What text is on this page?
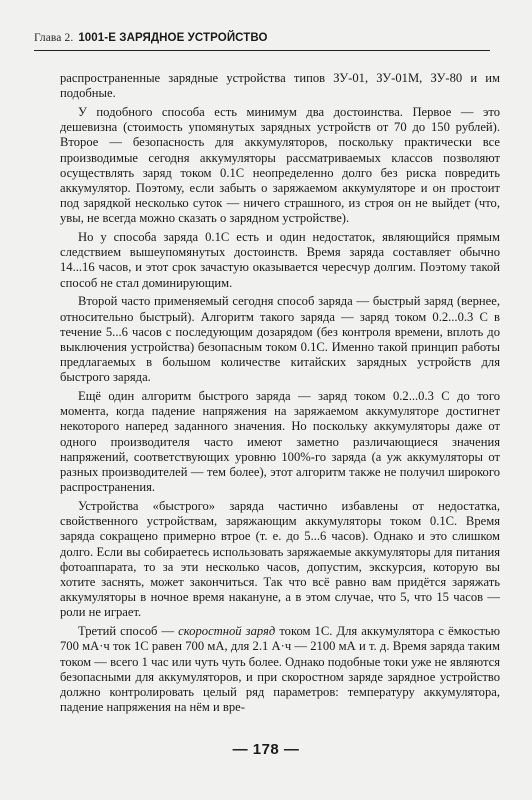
Глава 2. 1001-Е ЗАРЯДНОЕ УСТРОЙСТВО

распространенные зарядные устройства типов ЗУ-01, ЗУ-01М, ЗУ-80 и им подобные.

У подобного способа есть минимум два достоинства. Первое — это дешевизна (стоимость упомянутых зарядных устройств от 70 до 150 рублей). Второе — безопасность для аккумуляторов, поскольку практически все производимые сегодня аккумуляторы рассматриваемых классов позволяют осуществлять заряд током 0.1С неопределенно долго без риска повредить аккумулятор. Поэтому, если забыть о заряжаемом аккумуляторе и он простоит под зарядкой несколько суток — ничего страшного, из строя он не выйдет (что, увы, не всегда можно сказать о зарядном устройстве).

Но у способа заряда 0.1С есть и один недостаток, являющийся прямым следствием вышеупомянутых достоинств. Время заряда составляет обычно 14...16 часов, и этот срок зачастую оказывается чересчур долгим. Поэтому такой способ не стал доминирующим.

Второй часто применяемый сегодня способ заряда — быстрый заряд (вернее, относительно быстрый). Алгоритм такого заряда — заряд током 0.2...0.3 С в течение 5...6 часов с последующим дозарядом (без контроля времени, вплоть до выключения устройства) безопасным током 0.1С. Именно такой принцип работы предлагаемых в большом количестве китайских зарядных устройств для быстрого заряда.

Ещё один алгоритм быстрого заряда — заряд током 0.2...0.3 С до того момента, когда падение напряжения на заряжаемом аккумуляторе достигнет некоторого наперед заданного значения. Но поскольку аккумуляторы даже от одного производителя часто имеют заметно различающиеся значения напряжений, соответствующих уровню 100%-го заряда (а уж аккумуляторы от разных производителей — тем более), этот алгоритм также не получил широкого распространения.

Устройства «быстрого» заряда частично избавлены от недостатка, свойственного устройствам, заряжающим аккумуляторы током 0.1С. Время заряда сокращено примерно втрое (т. е. до 5...6 часов). Однако и это слишком долго. Если вы собираетесь использовать заряжаемые аккумуляторы для питания фотоаппарата, то за эти несколько часов, допустим, экскурсия, которую вы хотите заснять, может закончиться. Так что всё равно вам придётся заряжать аккумуляторы в ночное время накануне, а в этом случае, что 5, что 15 часов — роли не играет.

Третий способ — скоростной заряд током 1С. Для аккумулятора с ёмкостью 700 мА·ч ток 1С равен 700 мА, для 2.1 А·ч — 2100 мА и т. д. Время заряда таким током — всего 1 час или чуть чуть более. Однако подобные токи уже не являются безопасными для аккумуляторов, и при скоростном заряде зарядное устройство должно контролировать целый ряд параметров: температуру аккумулятора, падение напряжения на нём и вре-

— 178 —
